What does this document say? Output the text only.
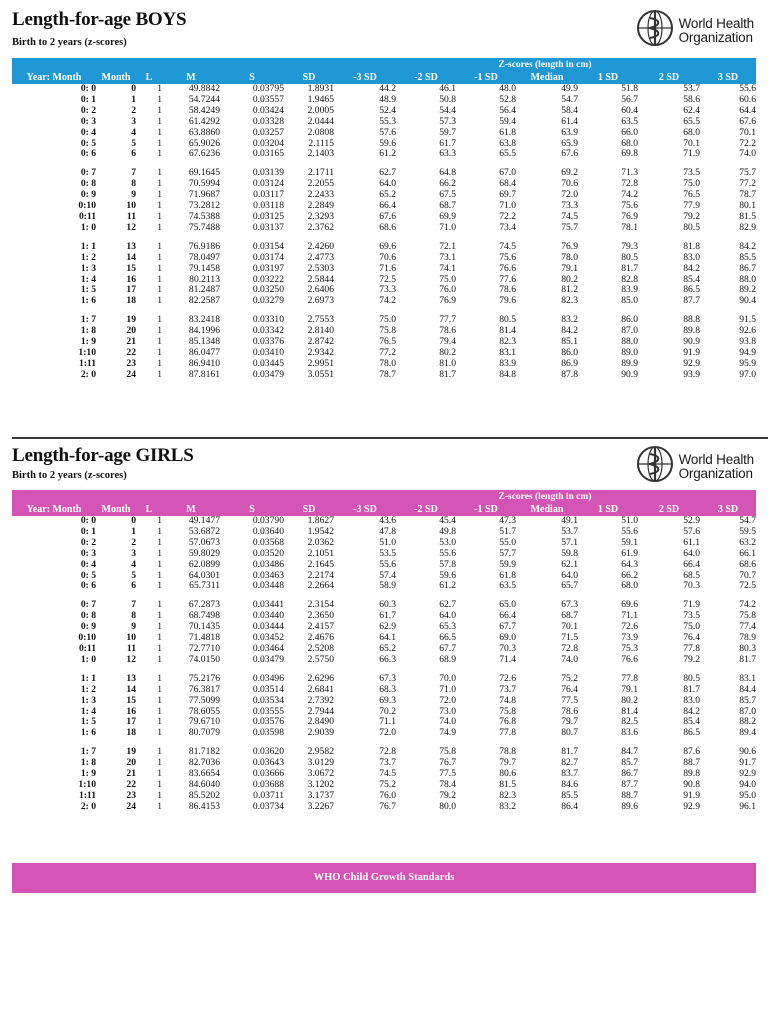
Length-for-age BOYS
Birth to 2 years (z-scores)
World Health
Organization
						Z-scores (length in cm)						
Year: Month	Month	L	M	S	SD	-3 SD	-2 SD	-1 SD	Median	1 SD	2 SD	3 SD
0: 0	0	1	49.8842	0.03795	1.8931	44.2	46.1	48.0	49.9	51.8	53.7	55.6
0: 1	1	1	54.7244	0.03557	1.9465	48.9	50.8	52.8	54.7	56.7	58.6	60.6
0: 2	2	1	58.4249	0.03424	2.0005	52.4	54.4	56.4	58.4	60.4	62.4	64.4
0: 3	3	1	61.4292	0.03328	2.0444	55.3	57.3	59.4	61.4	63.5	65.5	67.6
0: 4	4	1	63.8860	0.03257	2.0808	57.6	59.7	61.8	63.9	66.0	68.0	70.1
0: 5	5	1	65.9026	0.03204	2.1115	59.6	61.7	63.8	65.9	68.0	70.1	72.2
0: 6	6	1	67.6236	0.03165	2.1403	61.2	63.3	65.5	67.6	69.8	71.9	74.0

0: 7	7	1	69.1645	0.03139	2.1711	62.7	64.8	67.0	69.2	71.3	73.5	75.7
0: 8	8	1	70.5994	0.03124	2.2055	64.0	66.2	68.4	70.6	72.8	75.0	77.2
0: 9	9	1	71.9687	0.03117	2.2433	65.2	67.5	69.7	72.0	74.2	76.5	78.7
0:10	10	1	73.2812	0.03118	2.2849	66.4	68.7	71.0	73.3	75.6	77.9	80.1
0:11	11	1	74.5388	0.03125	2.3293	67.6	69.9	72.2	74.5	76.9	79.2	81.5
1: 0	12	1	75.7488	0.03137	2.3762	68.6	71.0	73.4	75.7	78.1	80.5	82.9

1: 1	13	1	76.9186	0.03154	2.4260	69.6	72.1	74.5	76.9	79.3	81.8	84.2
1: 2	14	1	78.0497	0.03174	2.4773	70.6	73.1	75.6	78.0	80.5	83.0	85.5
1: 3	15	1	79.1458	0.03197	2.5303	71.6	74.1	76.6	79.1	81.7	84.2	86.7
1: 4	16	1	80.2113	0.03222	2.5844	72.5	75.0	77.6	80.2	82.8	85.4	88.0
1: 5	17	1	81.2487	0.03250	2.6406	73.3	76.0	78.6	81.2	83.9	86.5	89.2
1: 6	18	1	82.2587	0.03279	2.6973	74.2	76.9	79.6	82.3	85.0	87.7	90.4

1: 7	19	1	83.2418	0.03310	2.7553	75.0	77.7	80.5	83.2	86.0	88.8	91.5
1: 8	20	1	84.1996	0.03342	2.8140	75.8	78.6	81.4	84.2	87.0	89.8	92.6
1: 9	21	1	85.1348	0.03376	2.8742	76.5	79.4	82.3	85.1	88.0	90.9	93.8
1:10	22	1	86.0477	0.03410	2.9342	77.2	80.2	83.1	86.0	89.0	91.9	94.9
1:11	23	1	86.9410	0.03445	2.9951	78.0	81.0	83.9	86.9	89.9	92.9	95.9
2: 0	24	1	87.8161	0.03479	3.0551	78.7	81.7	84.8	87.8	90.9	93.9	97.0
Length-for-age GIRLS
Birth to 2 years (z-scores)
World Health
Organization
						Z-scores (length in cm)						
Year: Month	Month	L	M	S	SD	-3 SD	-2 SD	-1 SD	Median	1 SD	2 SD	3 SD
0: 0	0	1	49.1477	0.03790	1.8627	43.6	45.4	47.3	49.1	51.0	52.9	54.7
0: 1	1	1	53.6872	0.03640	1.9542	47.8	49.8	51.7	53.7	55.6	57.6	59.5
0: 2	2	1	57.0673	0.03568	2.0362	51.0	53.0	55.0	57.1	59.1	61.1	63.2
0: 3	3	1	59.8029	0.03520	2.1051	53.5	55.6	57.7	59.8	61.9	64.0	66.1
0: 4	4	1	62.0899	0.03486	2.1645	55.6	57.8	59.9	62.1	64.3	66.4	68.6
0: 5	5	1	64.0301	0.03463	2.2174	57.4	59.6	61.8	64.0	66.2	68.5	70.7
0: 6	6	1	65.7311	0.03448	2.2664	58.9	61.2	63.5	65.7	68.0	70.3	72.5

0: 7	7	1	67.2873	0.03441	2.3154	60.3	62.7	65.0	67.3	69.6	71.9	74.2
0: 8	8	1	68.7498	0.03440	2.3650	61.7	64.0	66.4	68.7	71.1	73.5	75.8
0: 9	9	1	70.1435	0.03444	2.4157	62.9	65.3	67.7	70.1	72.6	75.0	77.4
0:10	10	1	71.4818	0.03452	2.4676	64.1	66.5	69.0	71.5	73.9	76.4	78.9
0:11	11	1	72.7710	0.03464	2.5208	65.2	67.7	70.3	72.8	75.3	77.8	80.3
1: 0	12	1	74.0150	0.03479	2.5750	66.3	68.9	71.4	74.0	76.6	79.2	81.7

1: 1	13	1	75.2176	0.03496	2.6296	67.3	70.0	72.6	75.2	77.8	80.5	83.1
1: 2	14	1	76.3817	0.03514	2.6841	68.3	71.0	73.7	76.4	79.1	81.7	84.4
1: 3	15	1	77.5099	0.03534	2.7392	69.3	72.0	74.8	77.5	80.2	83.0	85.7
1: 4	16	1	78.6055	0.03555	2.7944	70.2	73.0	75.8	78.6	81.4	84.2	87.0
1: 5	17	1	79.6710	0.03576	2.8490	71.1	74.0	76.8	79.7	82.5	85.4	88.2
1: 6	18	1	80.7079	0.03598	2.9039	72.0	74.9	77.8	80.7	83.6	86.5	89.4

1: 7	19	1	81.7182	0.03620	2.9582	72.8	75.8	78.8	81.7	84.7	87.6	90.6
1: 8	20	1	82.7036	0.03643	3.0129	73.7	76.7	79.7	82.7	85.7	88.7	91.7
1: 9	21	1	83.6654	0.03666	3.0672	74.5	77.5	80.6	83.7	86.7	89.8	92.9
1:10	22	1	84.6040	0.03688	3.1202	75.2	78.4	81.5	84.6	87.7	90.8	94.0
1:11	23	1	85.5202	0.03711	3.1737	76.0	79.2	82.3	85.5	88.7	91.9	95.0
2: 0	24	1	86.4153	0.03734	3.2267	76.7	80.0	83.2	86.4	89.6	92.9	96.1
WHO Child Growth Standards
